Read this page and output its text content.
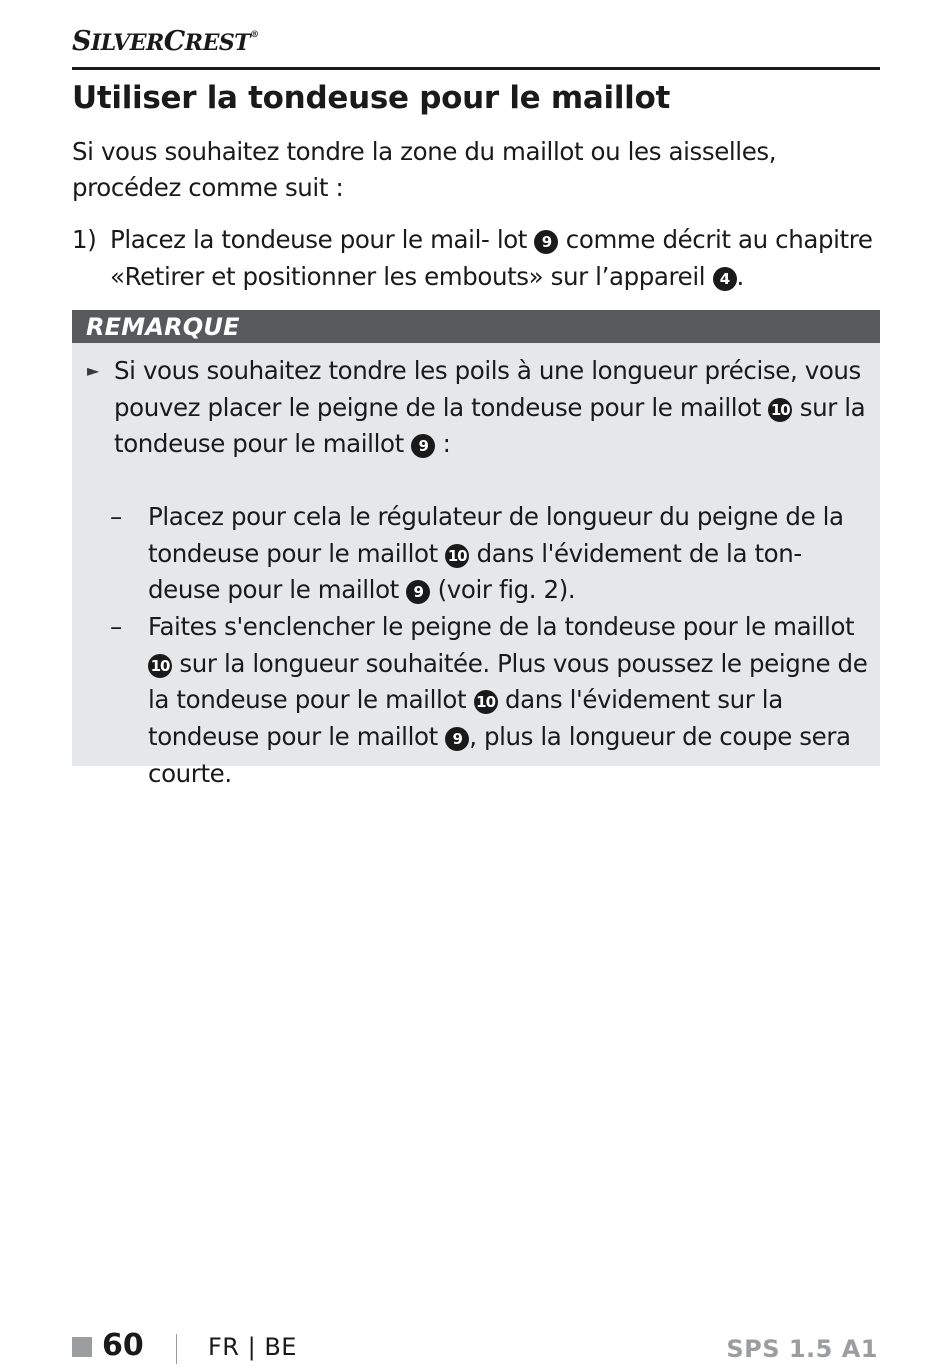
SILVERCREST®
Utiliser la tondeuse pour le maillot

Si vous souhaitez tondre la zone du maillot ou les aisselles, procédez comme suit :

1) Placez la tondeuse pour le mail- lot 9 comme décrit au chapitre «Retirer et positionner les embouts» sur l’appareil 4 .
REMARQUE
► Si vous souhaitez tondre les poils à une longueur précise, vous pouvez placer le peigne de la tondeuse pour le maillot 10 sur la tondeuse pour le maillot 9 :
– Placez pour cela le régulateur de longueur du peigne de la tondeuse pour le maillot 10 dans l'évidement de la ton- deuse pour le maillot 9 (voir fig. 2).
– Faites s'enclencher le peigne de la tondeuse pour le maillot 10 sur la longueur souhaitée. Plus vous poussez le peigne de la tondeuse pour le maillot 10 dans l'évidement sur la tondeuse pour le maillot 9 , plus la longueur de coupe sera courte.
60	FR | BE	SPS 1.5 A1
